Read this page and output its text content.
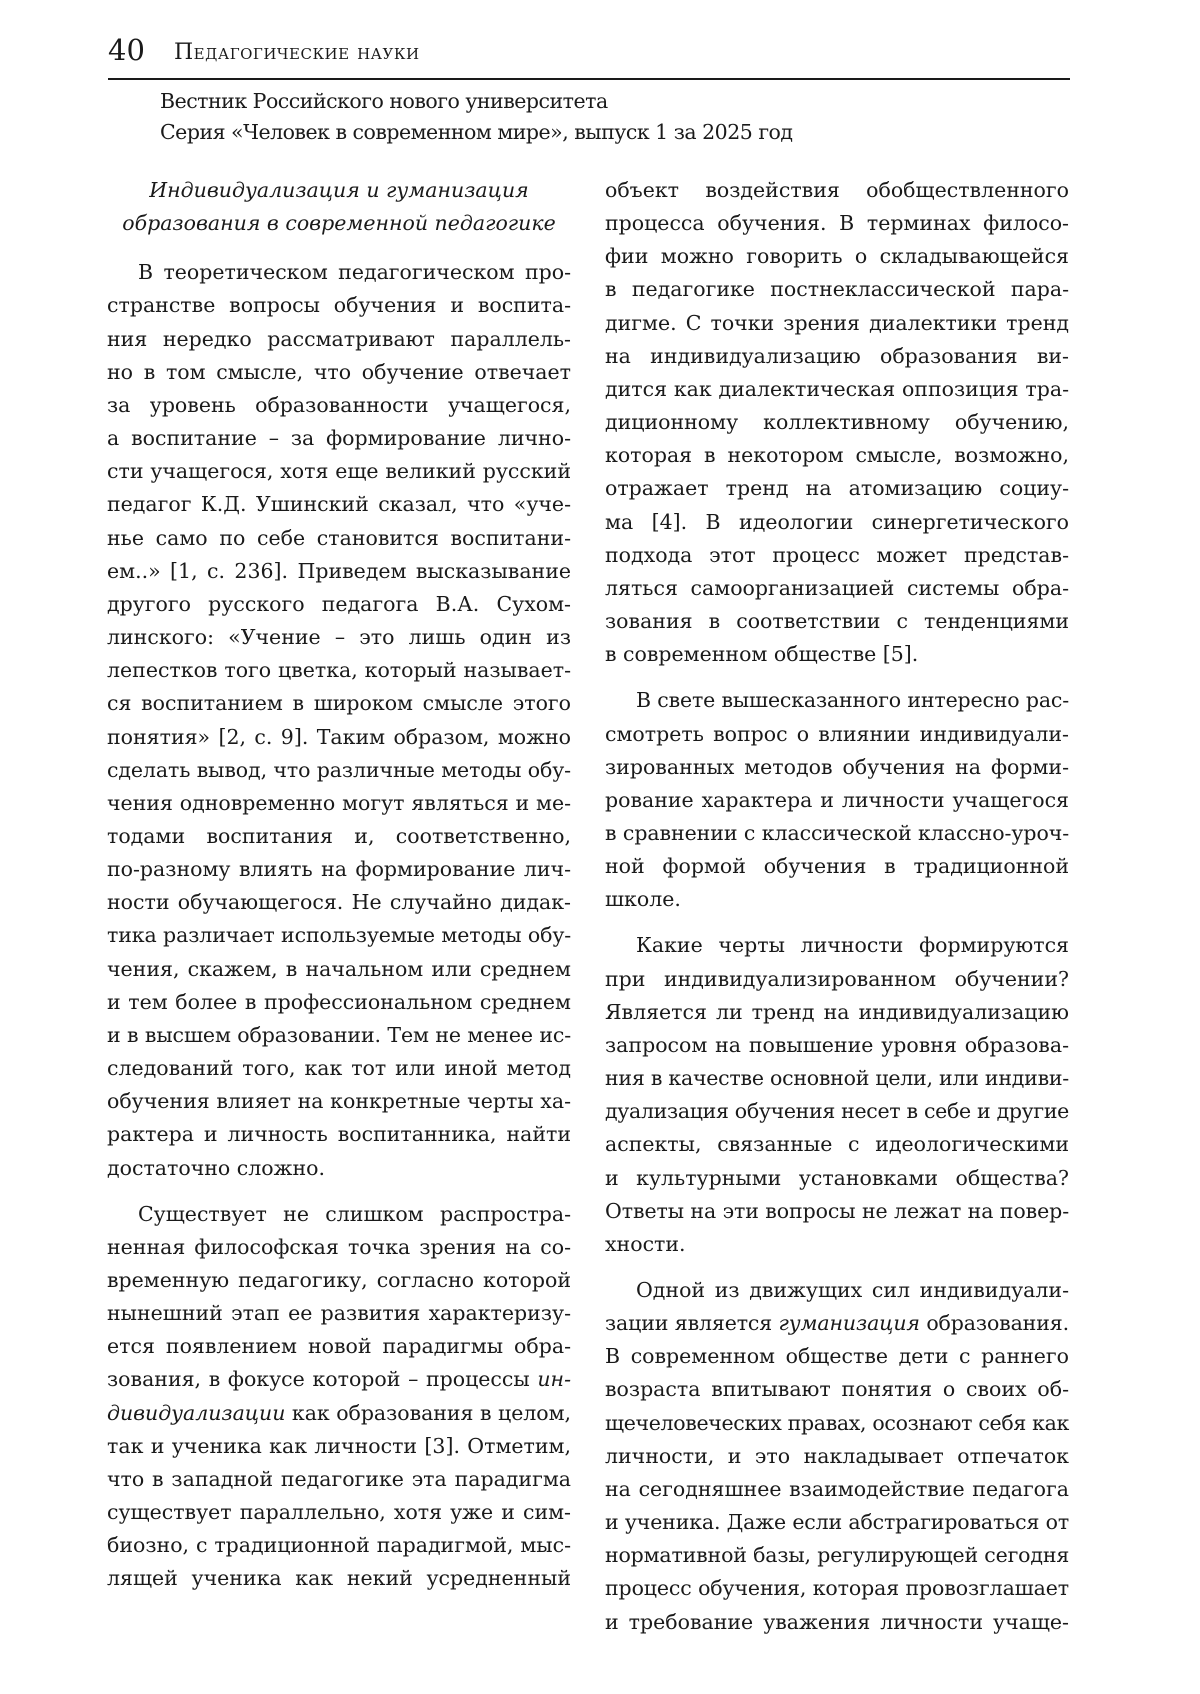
40 Педагогические науки
Вестник Российского нового университета
Серия «Человек в современном мире», выпуск 1 за 2025 год
Индивидуализация и гуманизация
образования в современной педагогике
В теоретическом педагогическом про-
странстве вопросы обучения и воспита-
ния нередко рассматривают параллель-
но в том смысле, что обучение отвечает
за уровень образованности учащегося,
а воспитание – за формирование лично-
сти учащегося, хотя еще великий русский
педагог К.Д. Ушинский сказал, что «уче-
нье само по себе становится воспитани-
ем..» [1, с. 236]. Приведем высказывание
другого русского педагога В.А. Сухом-
линского: «Учение – это лишь один из
лепестков того цветка, который называет-
ся воспитанием в широком смысле этого
понятия» [2, с. 9]. Таким образом, можно
сделать вывод, что различные методы обу-
чения одновременно могут являться и ме-
тодами воспитания и, соответственно,
по-разному влиять на формирование лич-
ности обучающегося. Не случайно дидак-
тика различает используемые методы обу-
чения, скажем, в начальном или среднем
и тем более в профессиональном среднем
и в высшем образовании. Тем не менее ис-
следований того, как тот или иной метод
обучения влияет на конкретные черты ха-
рактера и личность воспитанника, найти
достаточно сложно.
Существует не слишком распростра-
ненная философская точка зрения на со-
временную педагогику, согласно которой
нынешний этап ее развития характеризу-
ется появлением новой парадигмы обра-
зования, в фокусе которой – процессы ин-
дивидуализации как образования в целом,
так и ученика как личности [3]. Отметим,
что в западной педагогике эта парадигма
существует параллельно, хотя уже и сим-
биозно, с традиционной парадигмой, мыс-
лящей ученика как некий усредненный
объект воздействия обобществленного
процесса обучения. В терминах филосо-
фии можно говорить о складывающейся
в педагогике постнеклассической пара-
дигме. С точки зрения диалектики тренд
на индивидуализацию образования ви-
дится как диалектическая оппозиция тра-
диционному коллективному обучению,
которая в некотором смысле, возможно,
отражает тренд на атомизацию социу-
ма [4]. В идеологии синергетического
подхода этот процесс может представ-
ляться самоорганизацией системы обра-
зования в соответствии с тенденциями
в современном обществе [5].
В свете вышесказанного интересно рас-
смотреть вопрос о влиянии индивидуали-
зированных методов обучения на форми-
рование характера и личности учащегося
в сравнении с классической классно-уроч-
ной формой обучения в традиционной
школе.
Какие черты личности формируются
при индивидуализированном обучении?
Является ли тренд на индивидуализацию
запросом на повышение уровня образова-
ния в качестве основной цели, или индиви-
дуализация обучения несет в себе и другие
аспекты, связанные с идеологическими
и культурными установками общества?
Ответы на эти вопросы не лежат на повер-
хности.
Одной из движущих сил индивидуали-
зации является гуманизация образования.
В современном обществе дети с раннего
возраста впитывают понятия о своих об-
щечеловеческих правах, осознают себя как
личности, и это накладывает отпечаток
на сегодняшнее взаимодействие педагога
и ученика. Даже если абстрагироваться от
нормативной базы, регулирующей сегодня
процесс обучения, которая провозглашает
и требование уважения личности учаще-
